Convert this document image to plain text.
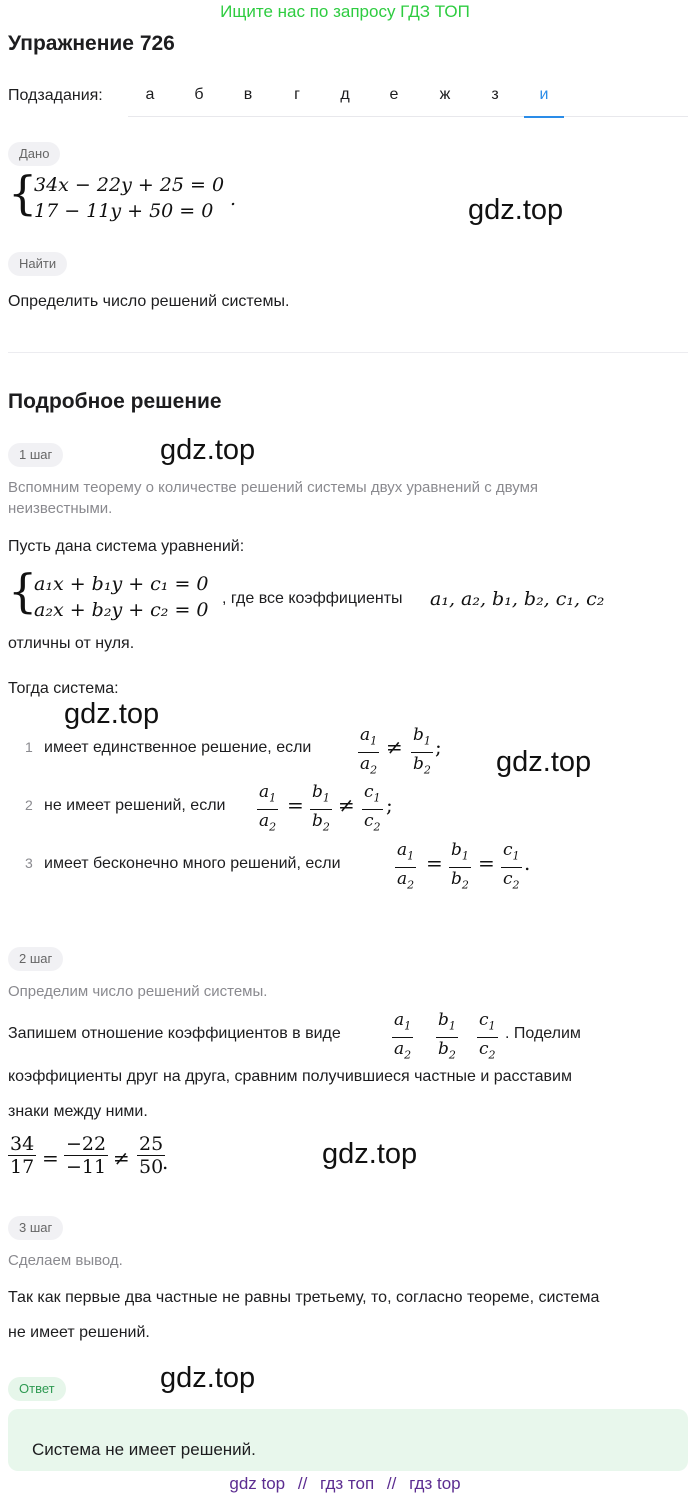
Ищите нас по запросу ГДЗ ТОП
Упражнение 726
Подзадания:	а	б	в	г	д	е	ж	з	и
Дано
{
34x − 22y + 25 = 0
17 − 11y + 50 = 0
.	gdz.top
Найти
Определить число решений системы.
Подробное решение
1 шаг	gdz.top
Вспомним теорему о количестве решений системы двух уравнений с двумя
неизвестными.
Пусть дана система уравнений:
{
a₁x + b₁y + c₁ = 0
a₂x + b₂y + c₂ = 0
, где все коэффициенты a₁, a₂, b₁, b₂, c₁, c₂
отличны от нуля.
Тогда система:
gdz.top
1 имеет единственное решение, если
$a_1$
$a_2$
≠ $b_1$
$b_2$
; gdz.top
2 не имеет решений, если
$a_1$
$a_2$
=
$b_1$
$b_2$
≠
$c_1$
$c_2$
;
3 имеет бесконечно много решений, если
$a_1$
$a_2$
=
$b_1$
$b_2$
=
$c_1$
$c_2$
.
2 шаг
Определим число решений системы.
Запишем отношение коэффициентов в виде
$a_1$
$a_2$
$b_1$
$b_2$
$c_1$
$c_2$
. Поделим
коэффициенты друг на друга, сравним получившиеся частные и расставим
знаки между ними.
34
17 =
−22
−11 ≠
25
50
.	gdz.top
3 шаг
Сделаем вывод.
Так как первые два частные не равны третьему, то, согласно теореме, система
не имеет решений.
Ответ	gdz.top
Система не имеет решений.
gdz top // гдз топ // гдз top
